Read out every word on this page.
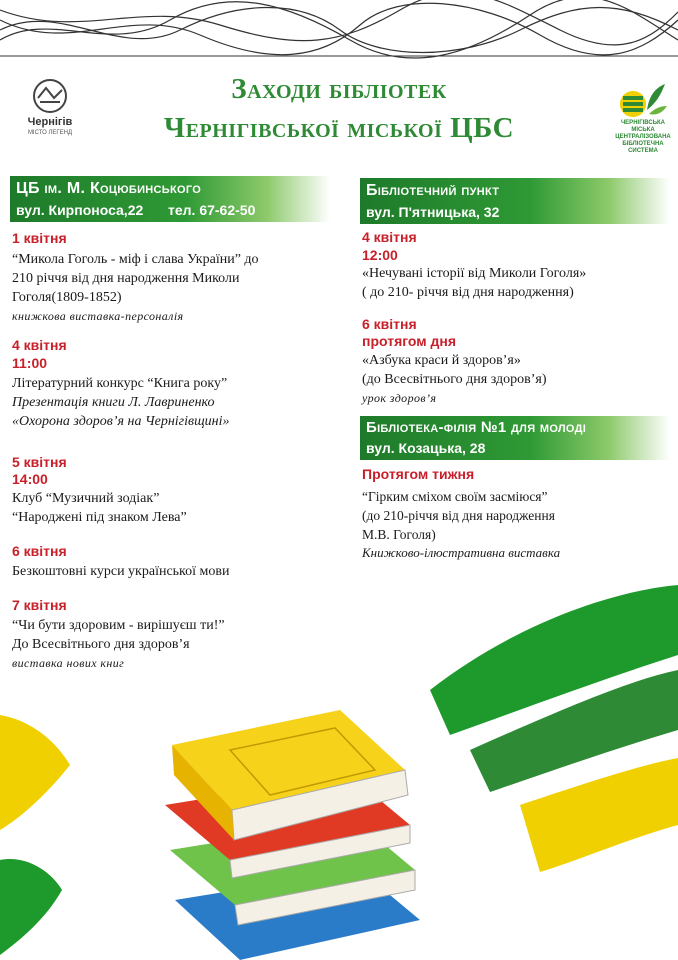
Чернігів
МІСТО ЛЕГЕНД
ЧЕРНІГІВСЬКА
МІСЬКА ЦЕНТРАЛІЗОВАНА
БІБЛІОТЕЧНА
СИСТЕМА
Заходи бібліотек
Чернігівської міської ЦБС
ЦБ ім. М. Коцюбинського
вул. Кирпоноса,22 тел. 67-62-50
1 квітня
“Микола Гоголь - міф і слава України” до
210 річчя від дня народження Миколи
Гоголя(1809-1852)
книжкова виставка-персоналія
4 квітня
11:00
Літературний конкурс “Книга року”
Презентація книги Л. Лавриненко
«Охорона здоров’я на Чернігівщині»
5 квітня
14:00
Клуб “Музичний зодіак”
“Народжені під знаком Лева”
6 квітня
Безкоштовні курси української мови
7 квітня
“Чи бути здоровим - вирішуєш ти!”
До Всесвітнього дня здоров’я
виставка нових книг
Бібліотечний пункт
вул. П'ятницька, 32
4 квітня
12:00
«Нечувані історії від Миколи Гоголя»
( до 210- річчя від дня народження)
6 квітня
протягом дня
«Азбука краси й здоров’я»
(до Всесвітнього дня здоров’я)
урок здоров’я
Бібліотека-філія №1 для молоді
вул. Козацька, 28
Протягом тижня
“Гірким сміхом своїм засміюся”
(до 210-річчя від дня народження
М.В. Гоголя)
Книжково-ілюстративна виставка
